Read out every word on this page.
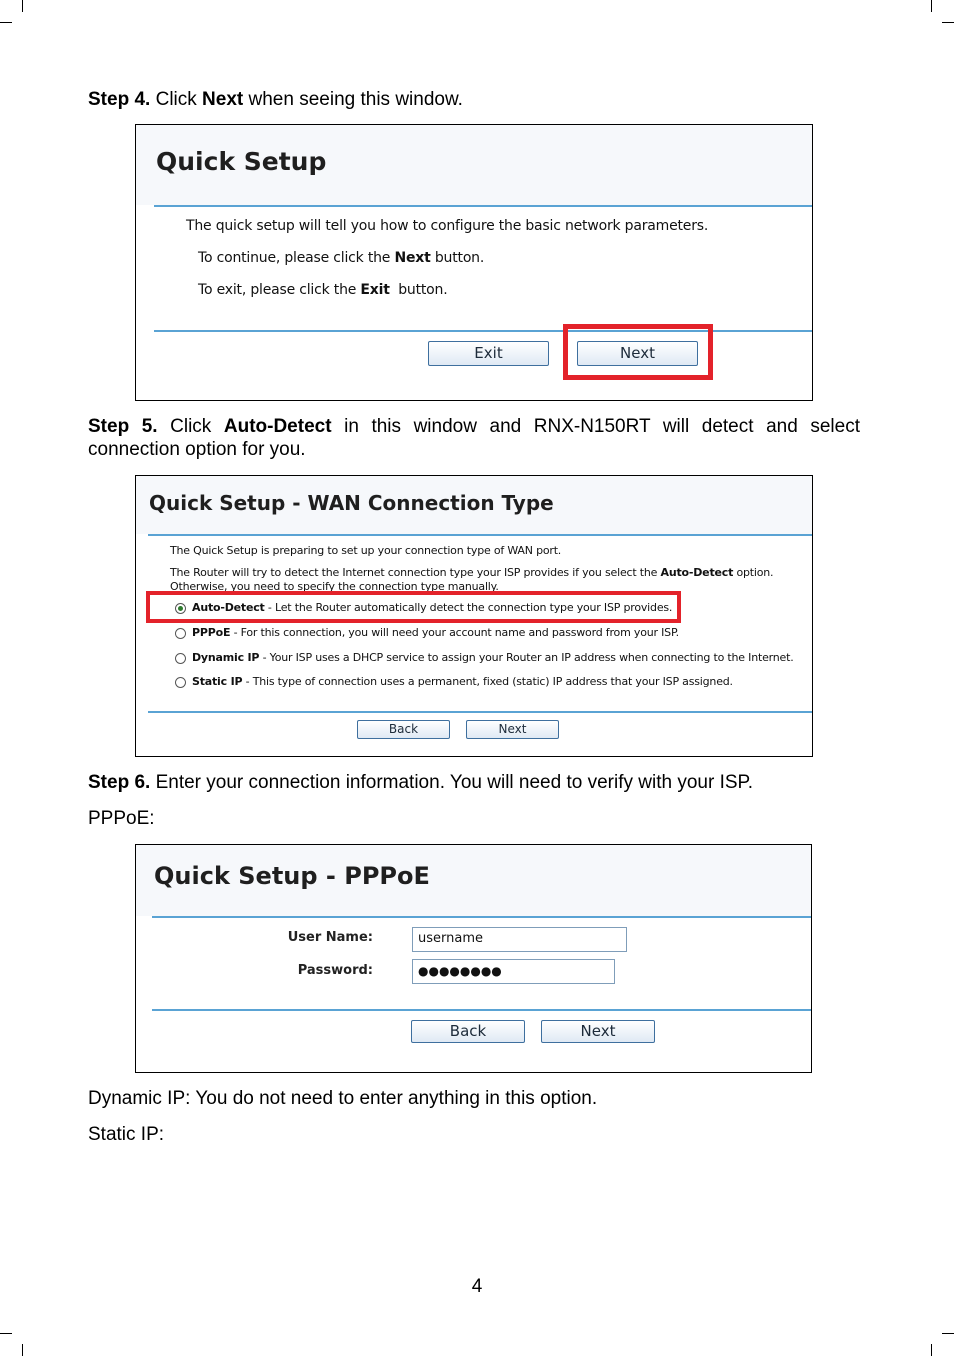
Step 4. Click Next when seeing this window.
Quick Setup
The quick setup will tell you how to configure the basic network parameters.
To continue, please click the Next button.
To exit, please click the Exit button.
Exit	Next
Step 5. Click Auto-Detect in this window and RNX-N150RT will detect and select connection option for you.
Quick Setup - WAN Connection Type
The Quick Setup is preparing to set up your connection type of WAN port.
The Router will try to detect the Internet connection type your ISP provides if you select the Auto-Detect option.
Otherwise, you need to specify the connection type manually.
Auto-Detect - Let the Router automatically detect the connection type your ISP provides.
PPPoE - For this connection, you will need your account name and password from your ISP.
Dynamic IP - Your ISP uses a DHCP service to assign your Router an IP address when connecting to the Internet.
Static IP - This type of connection uses a permanent, fixed (static) IP address that your ISP assigned.
Back	Next
Step 6. Enter your connection information. You will need to verify with your ISP.
PPPoE:
Quick Setup - PPPoE
User Name:	username
Password:	●●●●●●●●
Back	Next
Dynamic IP: You do not need to enter anything in this option.
Static IP:
4
